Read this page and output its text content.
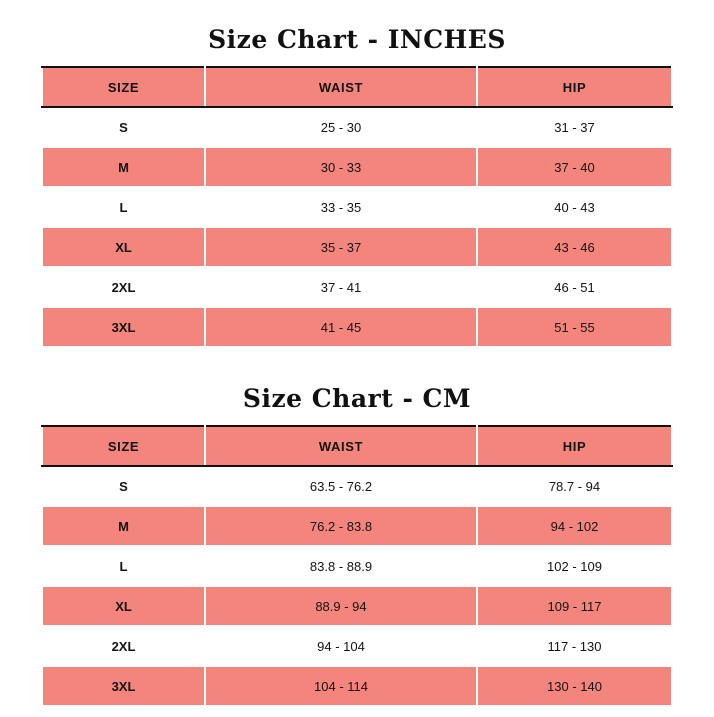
Size Chart - INCHES
SIZE	WAIST	HIP
S	25 - 30	31 - 37
M	30 - 33	37 - 40
L	33 - 35	40 - 43
XL	35 - 37	43 - 46
2XL	37 - 41	46 - 51
3XL	41 - 45	51 - 55
Size Chart - CM
SIZE	WAIST	HIP
S	63.5 - 76.2	78.7 - 94
M	76.2 - 83.8	94 - 102
L	83.8 - 88.9	102 - 109
XL	88.9 - 94	109 - 117
2XL	94 - 104	117 - 130
3XL	104 - 114	130 - 140
